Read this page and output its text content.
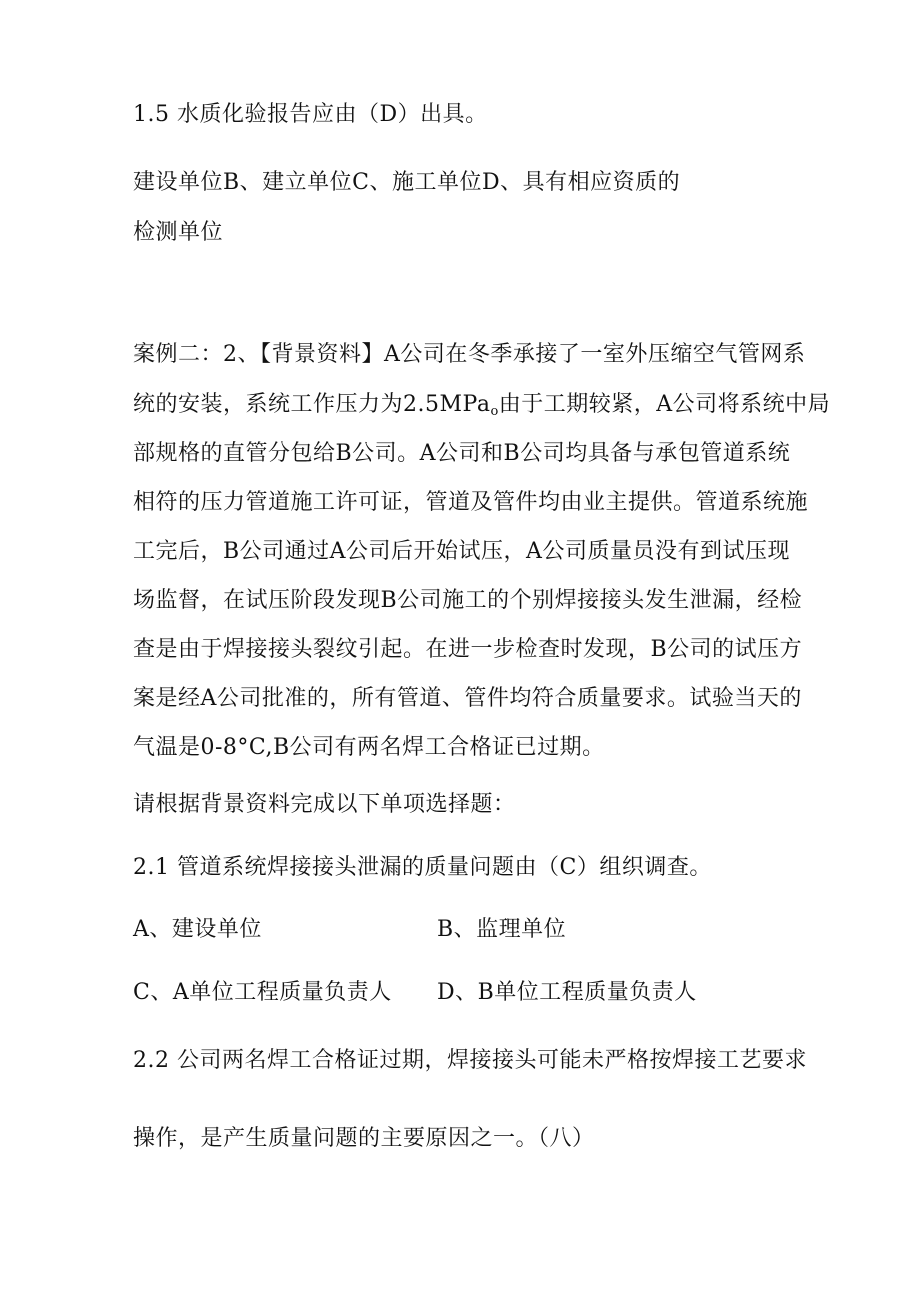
1.5 水质化验报告应由（D）出具。
建设单位B、建立单位C、施工单位D、具有相应资质的
检测单位
案例二：2、【背景资料】A公司在冬季承接了一室外压缩空气管网系
统的安装，系统工作压力为2.5MPa$_o$由于工期较紧，A公司将系统中局
部规格的直管分包给B公司。A公司和B公司均具备与承包管道系统
相符的压力管道施工许可证，管道及管件均由业主提供。管道系统施
工完后，B公司通过A公司后开始试压，A公司质量员没有到试压现
场监督，在试压阶段发现B公司施工的个别焊接接头发生泄漏，经检
查是由于焊接接头裂纹引起。在进一步检查时发现，B公司的试压方
案是经A公司批准的，所有管道、管件均符合质量要求。试验当天的
气温是0-8°C,B公司有两名焊工合格证已过期。
请根据背景资料完成以下单项选择题：
2.1 管道系统焊接接头泄漏的质量问题由（C）组织调查。
A、建设单位	B、监理单位
C、A单位工程质量负责人 D、B单位工程质量负责人
2.2 公司两名焊工合格证过期，焊接接头可能未严格按焊接工艺要求
操作，是产生质量问题的主要原因之一。（八）
